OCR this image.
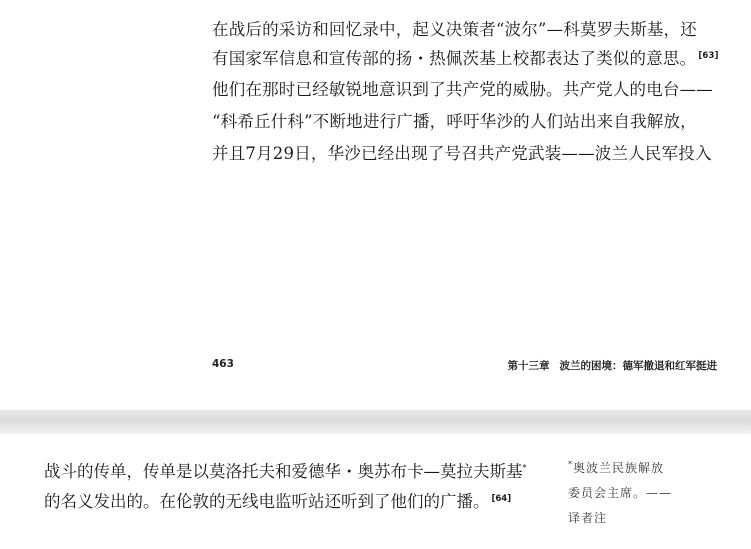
在战后的采访和回忆录中，起义决策者“波尔”—科莫罗夫斯基，还
有国家军信息和宣传部的扬・热佩茨基上校都表达了类似的意思。 [63]
他们在那时已经敏锐地意识到了共产党的威胁。共产党人的电台——
“科希丘什科”不断地进行广播，呼吁华沙的人们站出来自我解放，
并且7月29日，华沙已经出现了号召共产党武装——波兰人民军投入
463	第十三章 波兰的困境：德军撤退和红军挺进
战斗的传单，传单是以莫洛托夫和爱德华・奥苏布卡—莫拉夫斯基*
的名义发出的。在伦敦的无线电监听站还听到了他们的广播。 [64]
*奥波兰民族解放
委员会主席。——
译者注
